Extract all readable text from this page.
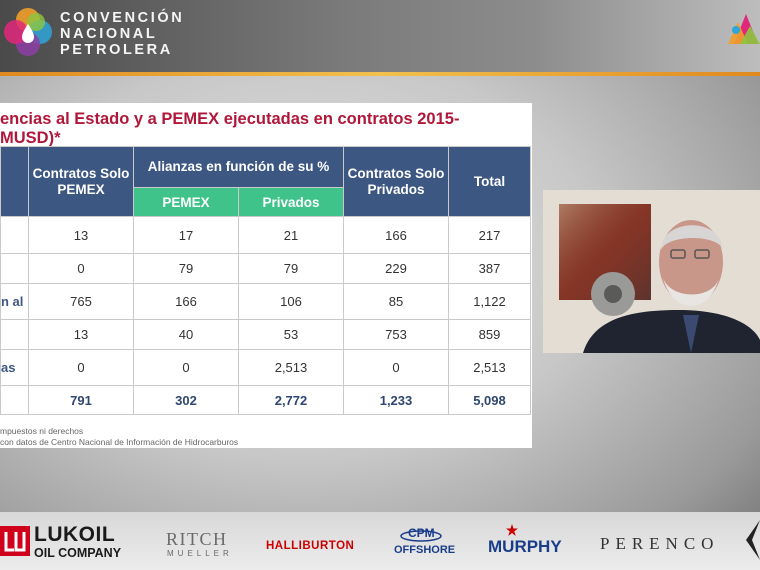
CONVENCIÓN
NACIONAL
PETROLERA
encias al Estado y a PEMEX ejecutadas en contratos 2015-
MUSD)*
	Contratos Solo PEMEX	Alianzas en función de su %		Contratos Solo Privados	Total
		PEMEX	Privados		
	13	17	21	166	217
	0	79	79	229	387
n al	765	166	106	85	1,122
	13	40	53	753	859
as	0	0	2,513	0	2,513
	791	302	2,772	1,233	5,098
mpuestos ni derechos
con datos de Centro Nacional de Información de Hidrocarburos
LUKOIL
OIL COMPANY
RITCH
MUELLER
HALLIBURTON
CPM
OFFSHORE MURPHY PERENCO
